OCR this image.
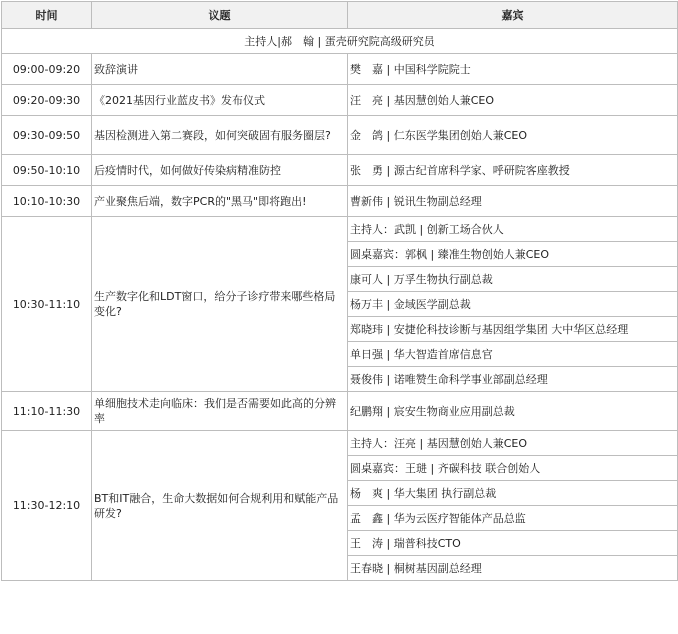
时间	议题	嘉宾
主持人|郝　翰 | 蛋壳研究院高级研究员		
09:00-09:20	致辞演讲	樊　嘉 | 中国科学院院士
09:20-09:30	《2021基因行业蓝皮书》发布仪式	汪　亮 | 基因慧创始人兼CEO
09:30-09:50	基因检测进入第二赛段，如何突破固有服务圈层?	金　鸽 | 仁东医学集团创始人兼CEO
09:50-10:10	后疫情时代，如何做好传染病精准防控	张　勇 | 源古纪首席科学家、呼研院客座教授
10:10-10:30	产业聚焦后端，数字PCR的"黑马"即将跑出!	曹新伟 | 锐讯生物副总经理
10:30-11:10	生产数字化和LDT窗口，给分子诊疗带来哪些格局变化?	主持人：武凯 | 创新工场合伙人
		圆桌嘉宾：郭枫 | 臻准生物创始人兼CEO
		康可人 | 万孚生物执行副总裁
		杨万丰 | 金域医学副总裁
		郑晓玮 | 安捷伦科技诊断与基因组学集团 大中华区总经理
		单日强 | 华大智造首席信息官
		聂俊伟 | 诺唯赞生命科学事业部副总经理
11:10-11:30	单细胞技术走向临床：我们是否需要如此高的分辨率	纪鹏翔 | 宸安生物商业应用副总裁
11:30-12:10	BT和IT融合，生命大数据如何合规利用和赋能产品研发?	主持人：汪亮 | 基因慧创始人兼CEO
		圆桌嘉宾：王琎 | 齐碳科技 联合创始人
		杨　爽 | 华大集团 执行副总裁
		孟　鑫 | 华为云医疗智能体产品总监
		王　涛 | 瑞普科技CTO
		王春晓 | 桐树基因副总经理
